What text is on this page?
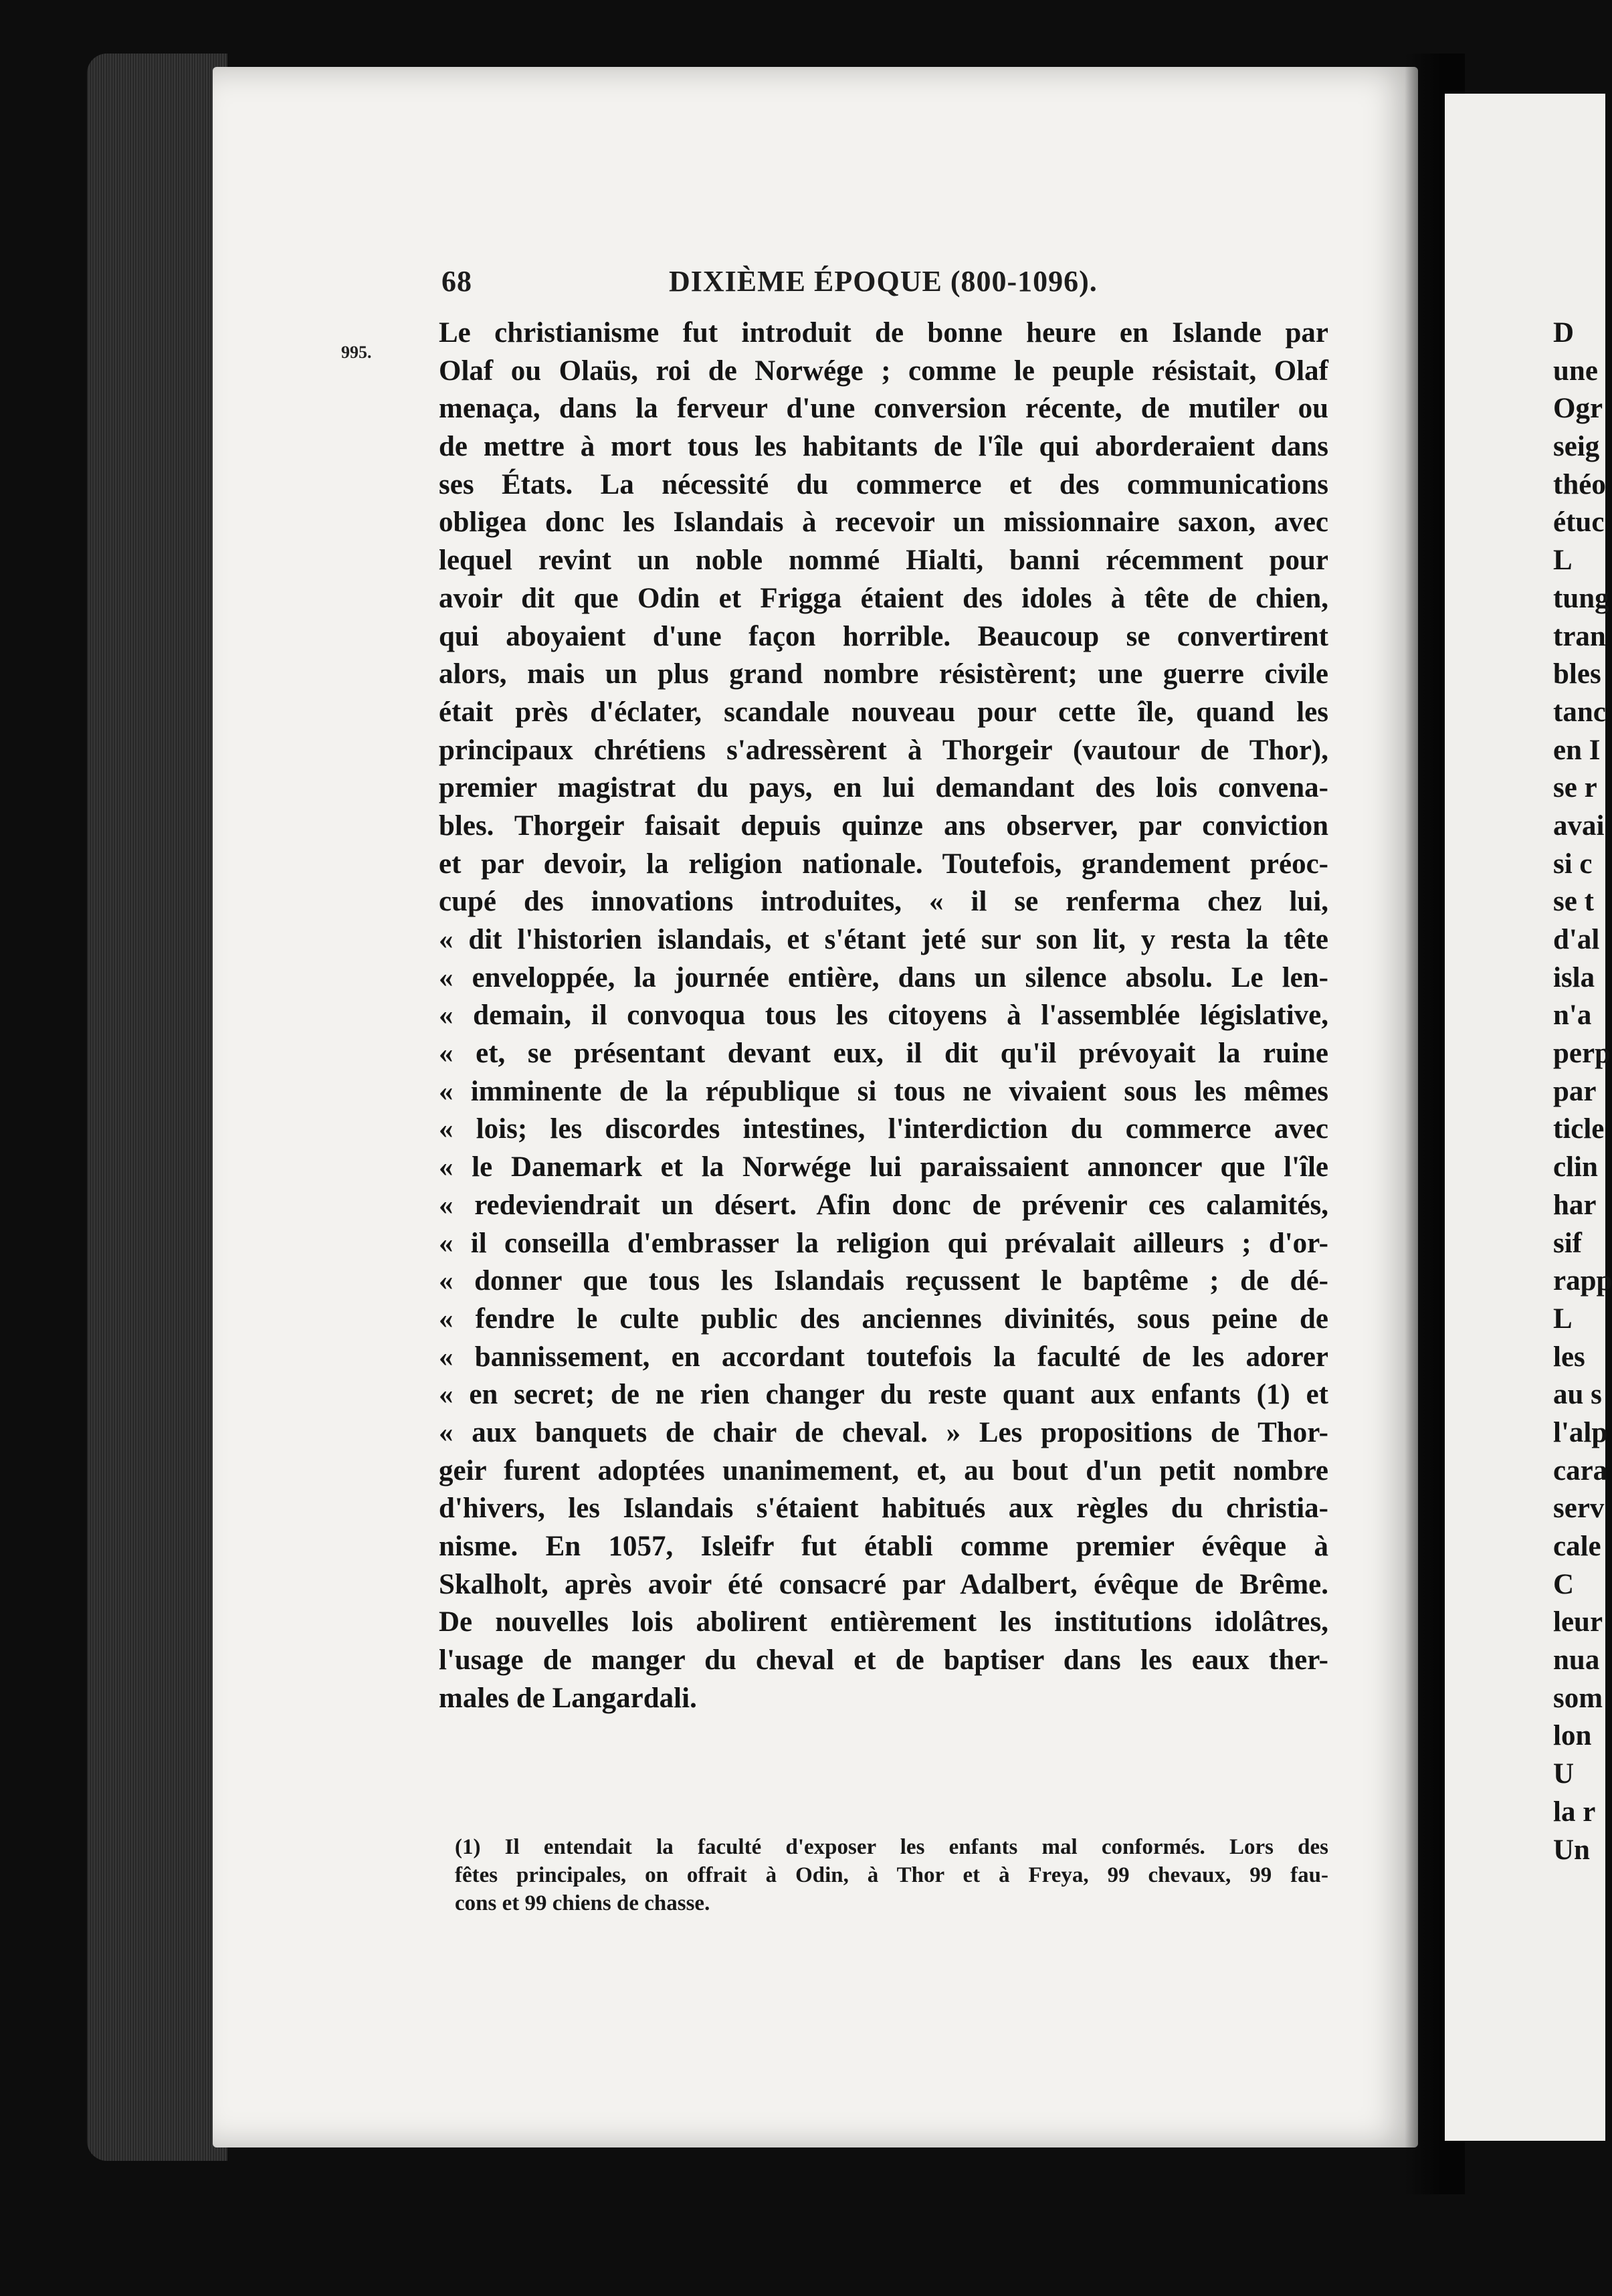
68	DIXIÈME ÉPOQUE (800-1096).
995.
Le christianisme fut introduit de bonne heure en Islande par
Olaf ou Olaüs, roi de Norwége ; comme le peuple résistait, Olaf
menaça, dans la ferveur d'une conversion récente, de mutiler ou
de mettre à mort tous les habitants de l'île qui aborderaient dans
ses États. La nécessité du commerce et des communications
obligea donc les Islandais à recevoir un missionnaire saxon, avec
lequel revint un noble nommé Hialti, banni récemment pour
avoir dit que Odin et Frigga étaient des idoles à tête de chien,
qui aboyaient d'une façon horrible. Beaucoup se convertirent
alors, mais un plus grand nombre résistèrent; une guerre civile
était près d'éclater, scandale nouveau pour cette île, quand les
principaux chrétiens s'adressèrent à Thorgeir (vautour de Thor),
premier magistrat du pays, en lui demandant des lois convena-
bles. Thorgeir faisait depuis quinze ans observer, par conviction
et par devoir, la religion nationale. Toutefois, grandement préoc-
cupé des innovations introduites, « il se renferma chez lui,
« dit l'historien islandais, et s'étant jeté sur son lit, y resta la tête
« enveloppée, la journée entière, dans un silence absolu. Le len-
« demain, il convoqua tous les citoyens à l'assemblée législative,
« et, se présentant devant eux, il dit qu'il prévoyait la ruine
« imminente de la république si tous ne vivaient sous les mêmes
« lois; les discordes intestines, l'interdiction du commerce avec
« le Danemark et la Norwége lui paraissaient annoncer que l'île
« redeviendrait un désert. Afin donc de prévenir ces calamités,
« il conseilla d'embrasser la religion qui prévalait ailleurs ; d'or-
« donner que tous les Islandais reçussent le baptême ; de dé-
« fendre le culte public des anciennes divinités, sous peine de
« bannissement, en accordant toutefois la faculté de les adorer
« en secret; de ne rien changer du reste quant aux enfants (1) et
« aux banquets de chair de cheval. » Les propositions de Thor-
geir furent adoptées unanimement, et, au bout d'un petit nombre
d'hivers, les Islandais s'étaient habitués aux règles du christia-
nisme. En 1057, Isleifr fut établi comme premier évêque à
Skalholt, après avoir été consacré par Adalbert, évêque de Brême.
De nouvelles lois abolirent entièrement les institutions idolâtres,
l'usage de manger du cheval et de baptiser dans les eaux ther-
males de Langardali.
(1) Il entendait la faculté d'exposer les enfants mal conformés. Lors des
fêtes principales, on offrait à Odin, à Thor et à Freya, 99 chevaux, 99 fau-
cons et 99 chiens de chasse.
D
une
Ogr
seig
théo
étuc
L
tung
tran
bles
tanc
en I
se r
avai
si c
se t
d'al
isla
n'a
perp
par
ticle
clin
har
sif
rapp
L
les
au s
l'alp
cara
serv
cale
C
leur
nua
som
lon
U
la r
Un
